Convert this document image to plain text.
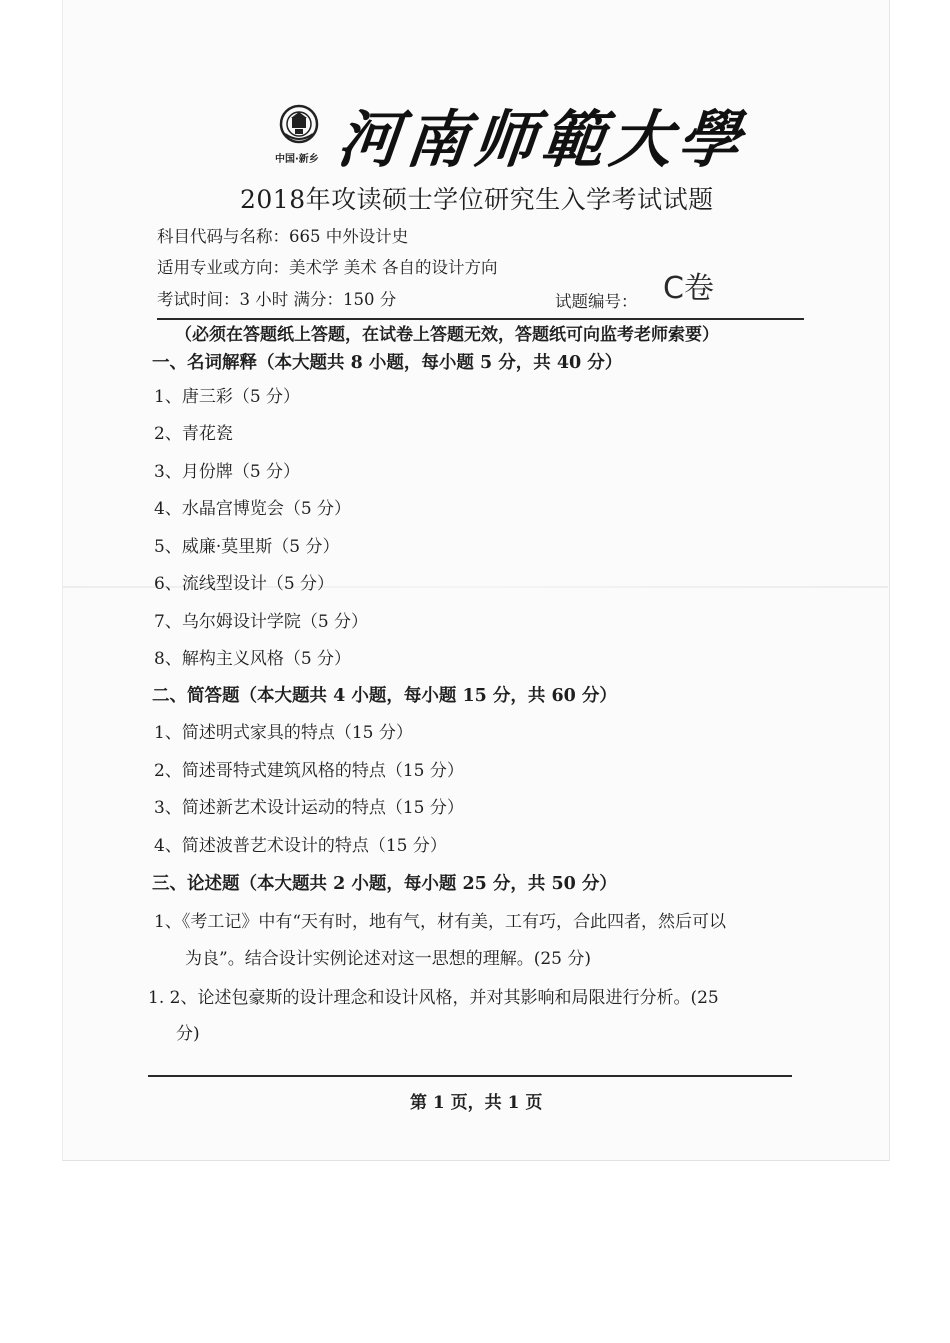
中国·新乡 河南师範大學
2018年攻读硕士学位研究生入学考试试题
科目代码与名称：665 中外设计史
适用专业或方向：美术学 美术 各自的设计方向
考试时间：3 小时 满分：150 分	试题编号： C卷
（必须在答题纸上答题，在试卷上答题无效，答题纸可向监考老师索要）
一、名词解释（本大题共 8 小题，每小题 5 分，共 40 分）
1、唐三彩（5 分）
2、青花瓷
3、月份牌（5 分）
4、水晶宫博览会（5 分）
5、威廉·莫里斯（5 分）
6、流线型设计（5 分）
7、乌尔姆设计学院（5 分）
8、解构主义风格（5 分）
二、简答题（本大题共 4 小题，每小题 15 分，共 60 分）
1、简述明式家具的特点（15 分）
2、简述哥特式建筑风格的特点（15 分）
3、简述新艺术设计运动的特点（15 分）
4、简述波普艺术设计的特点（15 分）
三、论述题（本大题共 2 小题，每小题 25 分，共 50 分）
1、《考工记》中有“天有时，地有气，材有美，工有巧，合此四者，然后可以
为良”。结合设计实例论述对这一思想的理解。(25 分)
1. 2、论述包豪斯的设计理念和设计风格，并对其影响和局限进行分析。(25
分)
第 1 页，共 1 页
